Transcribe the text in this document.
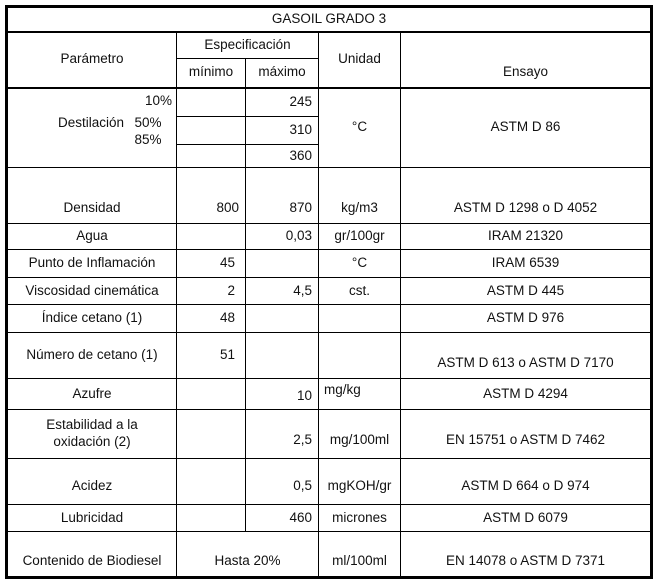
GASOIL GRADO 3				
Parámetro	Especificación		Unidad	Ensayo
	mínimo	máximo		

10%
Destilación 50% 85%		245	°C	ASTM D 86
		310		
		360		
Densidad	800	870	kg/m3	ASTM D 1298 o D 4052
Agua		0,03	gr/100gr	IRAM 21320
Punto de Inflamación	45		°C	IRAM 6539
Viscosidad cinemática	2	4,5	cst.	ASTM D 445
Índice cetano (1)	48			ASTM D 976
Número de cetano (1)	51			ASTM D 613 o ASTM D 7170
Azufre		10	mg/kg	ASTM D 4294
Estabilidad a la oxidación (2)		2,5	mg/100ml	EN 15751 o ASTM D 7462
Acidez		0,5	mgKOH/gr	ASTM D 664 o D 974
Lubricidad		460	micrones	ASTM D 6079
Contenido de Biodiesel	Hasta 20%		ml/100ml	EN 14078 o ASTM D 7371
